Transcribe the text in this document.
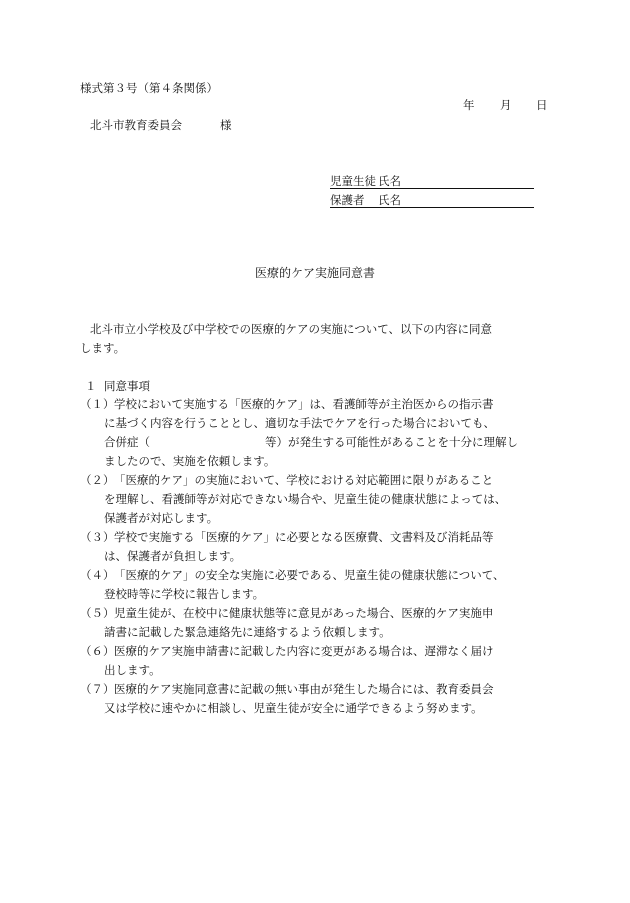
様式第３号（第４条関係）
年 月 日
北斗市教育委員会	様
児童生徒 氏名
保護者 氏名
医療的ケア実施同意書
北斗市立小学校及び中学校での医療的ケアの実施について、以下の内容に同意
します。
１ 同意事項
（１） 学校において実施する「医療的ケア」は、看護師等が主治医からの指示書
に基づく内容を行うこととし、適切な手法でケアを行った場合においても、
合併症（　　　　　　　　　　等）が発生する可能性があることを十分に理解し
ましたので、実施を依頼します。
（２） 「医療的ケア」の実施において、学校における対応範囲に限りがあること
を理解し、看護師等が対応できない場合や、児童生徒の健康状態によっては、
保護者が対応します。
（３） 学校で実施する「医療的ケア」に必要となる医療費、文書料及び消耗品等
は、保護者が負担します。
（４） 「医療的ケア」の安全な実施に必要である、児童生徒の健康状態について、
登校時等に学校に報告します。
（５） 児童生徒が、在校中に健康状態等に意見があった場合、医療的ケア実施申
請書に記載した緊急連絡先に連絡するよう依頼します。
（６） 医療的ケア実施申請書に記載した内容に変更がある場合は、遅滞なく届け
出します。
（７） 医療的ケア実施同意書に記載の無い事由が発生した場合には、教育委員会
又は学校に速やかに相談し、児童生徒が安全に通学できるよう努めます。
